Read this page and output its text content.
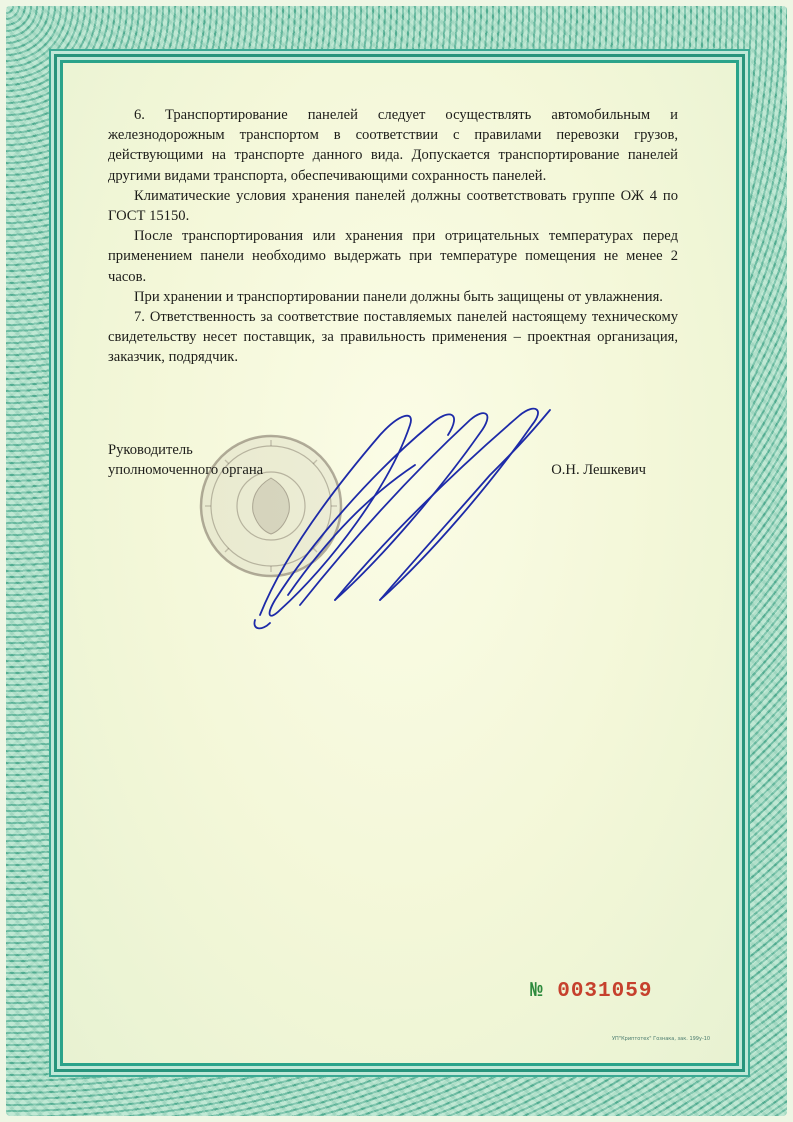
6. Транспортирование панелей следует осуществлять автомобильным и железнодорожным транспортом в соответствии с правилами перевозки грузов, действующими на транспорте данного вида. Допускается транспортирование панелей другими видами транспорта, обеспечивающими сохранность панелей.

Климатические условия хранения панелей должны соответствовать группе ОЖ 4 по ГОСТ 15150.

После транспортирования или хранения при отрицательных температурах перед применением панели необходимо выдержать при температуре помещения не менее 2 часов.

При хранении и транспортировании панели должны быть защищены от увлажнения.

7. Ответственность за соответствие поставляемых панелей настоящему техническому свидетельству несет поставщик, за правильность применения – проектная организация, заказчик, подрядчик.

Руководитель
уполномоченного органа	О.Н. Лешкевич
№ 0031059
УП"Криптотех" Гознака, зак. 199у-10
